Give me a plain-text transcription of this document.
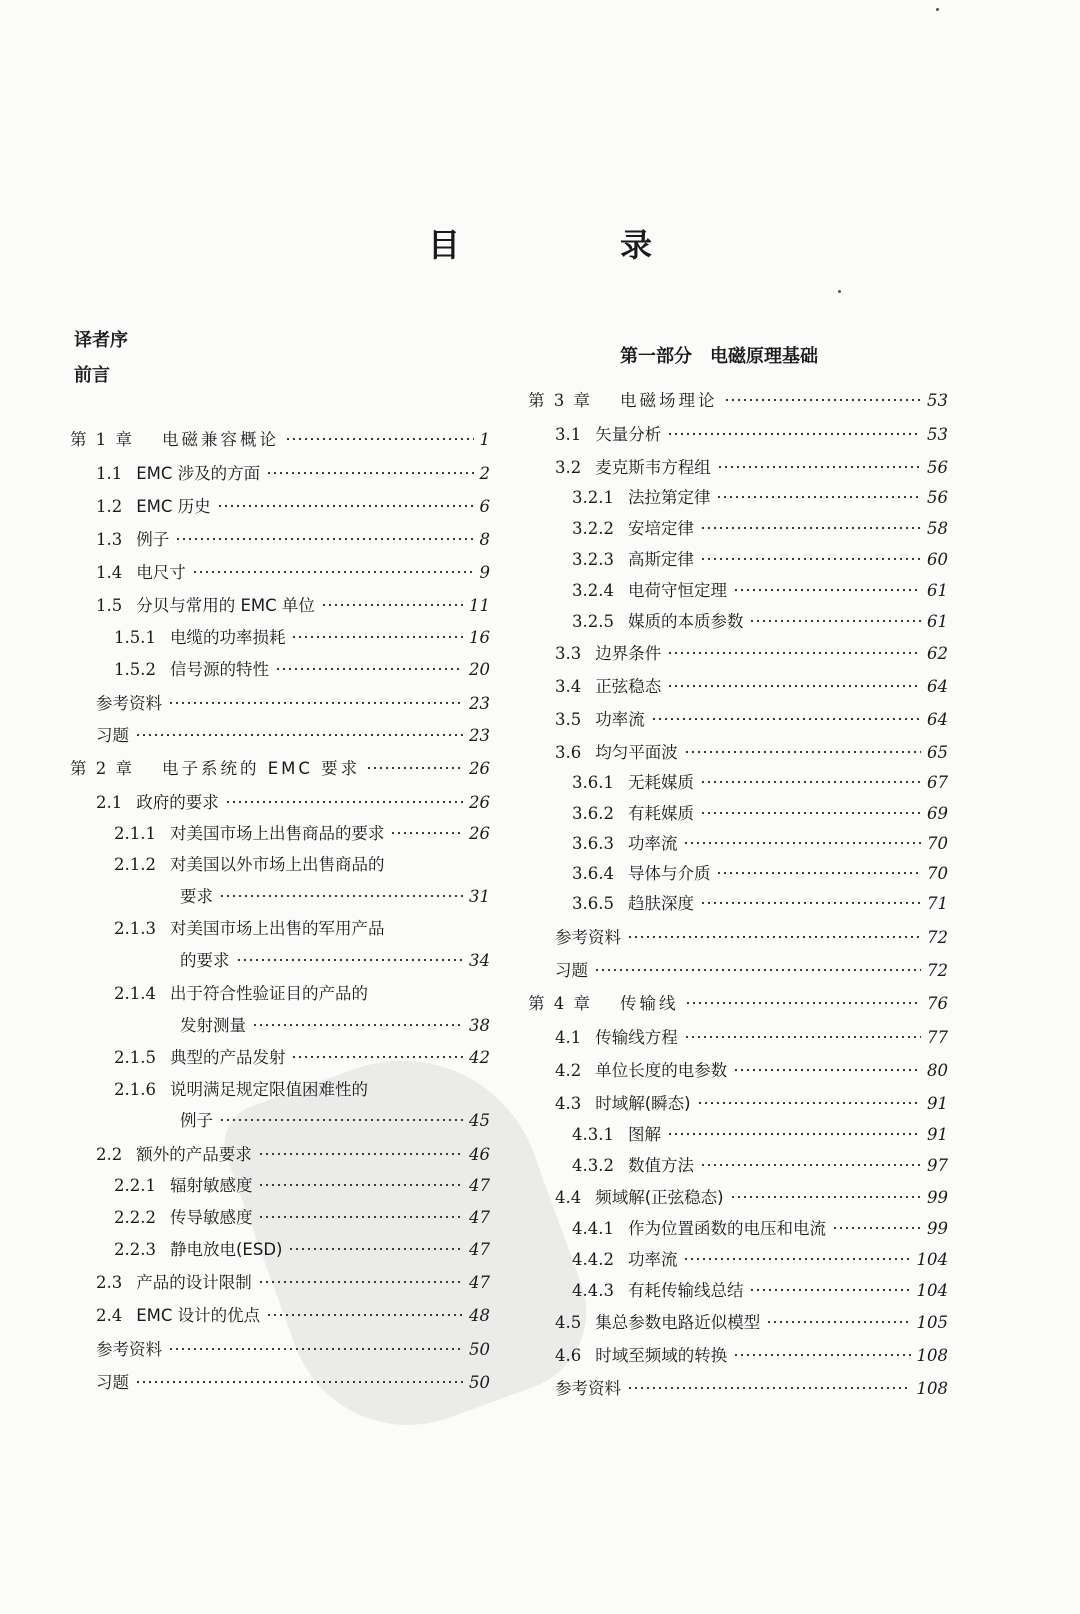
目　录
译者序
前言
第一部分　电磁原理基础
第 1 章 电磁兼容概论	1
1.1 EMC 涉及的方面	2
1.2 EMC 历史	6
1.3 例子	8
1.4 电尺寸	9
1.5 分贝与常用的 EMC 单位	11
1.5.1 电缆的功率损耗	16
1.5.2 信号源的特性	20
参考资料	23
习题	23
第 2 章 电子系统的 EMC 要求	26
2.1 政府的要求	26
2.1.1 对美国市场上出售商品的要求	26
2.1.2 对美国以外市场上出售商品的
要求	31
2.1.3 对美国市场上出售的军用产品
的要求	34
2.1.4 出于符合性验证目的产品的
发射测量	38
2.1.5 典型的产品发射	42
2.1.6 说明满足规定限值困难性的
例子	45
2.2 额外的产品要求	46
2.2.1 辐射敏感度	47
2.2.2 传导敏感度	47
2.2.3 静电放电(ESD)	47
2.3 产品的设计限制	47
2.4 EMC 设计的优点	48
参考资料	50
习题	50
第 3 章 电磁场理论	53
3.1 矢量分析	53
3.2 麦克斯韦方程组	56
3.2.1 法拉第定律	56
3.2.2 安培定律	58
3.2.3 高斯定律	60
3.2.4 电荷守恒定理	61
3.2.5 媒质的本质参数	61
3.3 边界条件	62
3.4 正弦稳态	64
3.5 功率流	64
3.6 均匀平面波	65
3.6.1 无耗媒质	67
3.6.2 有耗媒质	69
3.6.3 功率流	70
3.6.4 导体与介质	70
3.6.5 趋肤深度	71
参考资料	72
习题	72
第 4 章 传输线	76
4.1 传输线方程	77
4.2 单位长度的电参数	80
4.3 时域解(瞬态)	91
4.3.1 图解	91
4.3.2 数值方法	97
4.4 频域解(正弦稳态)	99
4.4.1 作为位置函数的电压和电流	99
4.4.2 功率流	104
4.4.3 有耗传输线总结	104
4.5 集总参数电路近似模型	105
4.6 时域至频域的转换	108
参考资料	108
